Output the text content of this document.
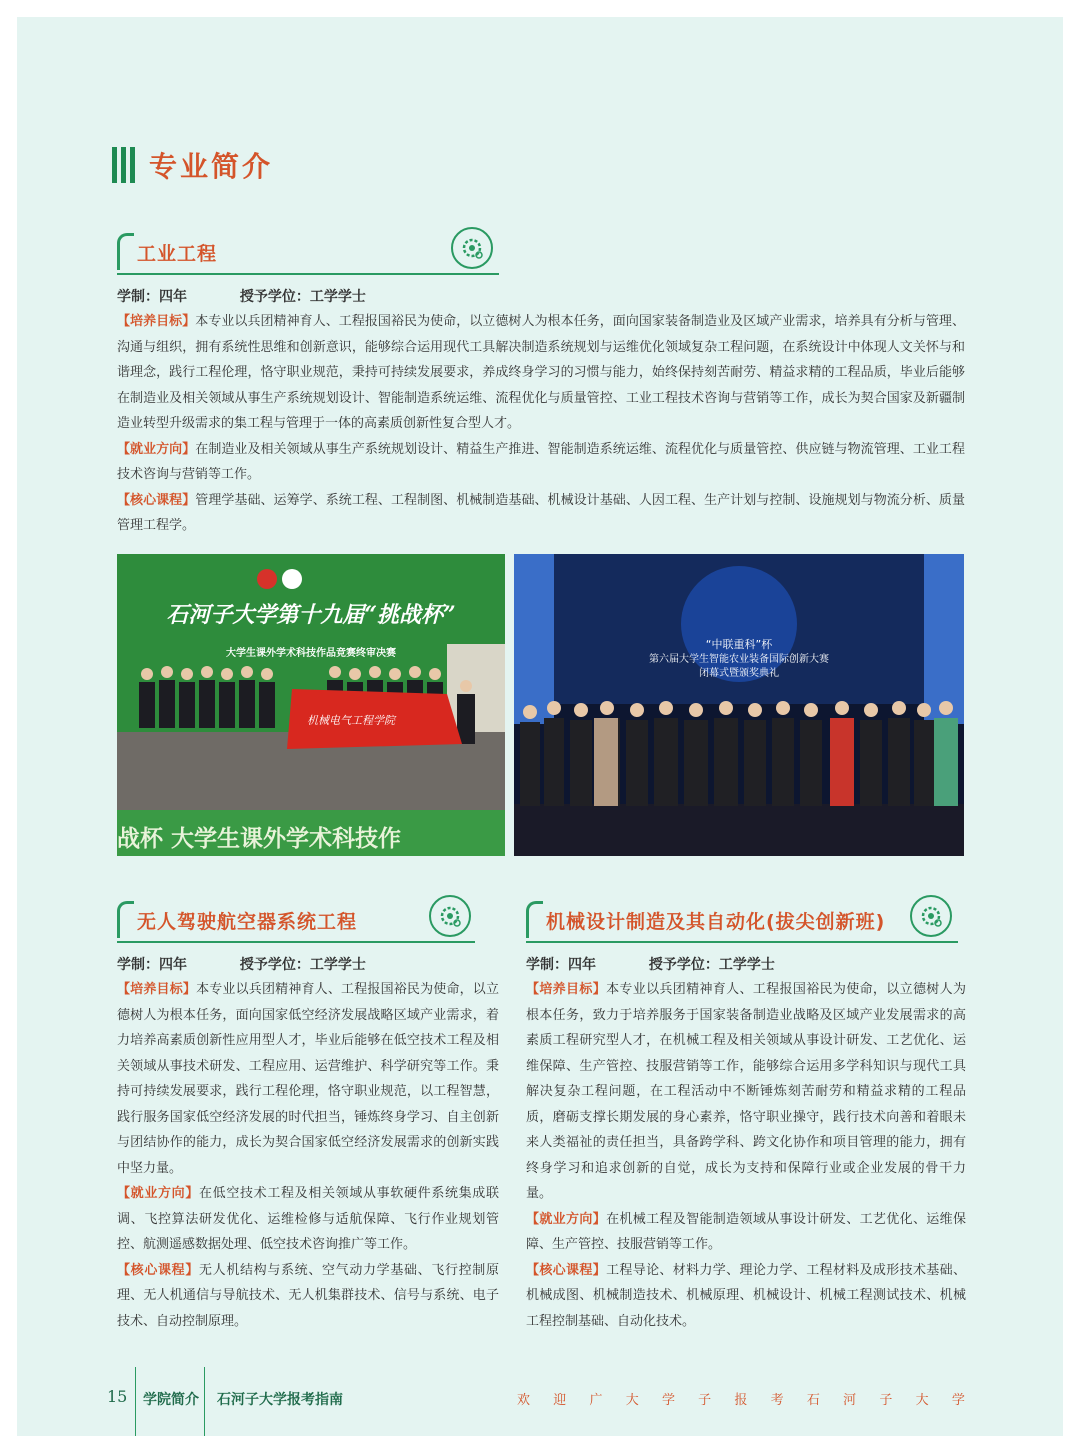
专业简介
工业工程
学制：四年	授予学位：工学学士

【培养目标】本专业以兵团精神育人、工程报国裕民为使命，以立德树人为根本任务，面向国家装备制造业及区域产业需求，培养具有分析与管理、沟通与组织，拥有系统性思维和创新意识，能够综合运用现代工具解决制造系统规划与运维优化领域复杂工程问题，在系统设计中体现人文关怀与和谐理念，践行工程伦理，恪守职业规范，秉持可持续发展要求，养成终身学习的习惯与能力，始终保持刻苦耐劳、精益求精的工程品质，毕业后能够在制造业及相关领域从事生产系统规划设计、智能制造系统运维、流程优化与质量管控、工业工程技术咨询与营销等工作，成长为契合国家及新疆制造业转型升级需求的集工程与管理于一体的高素质创新性复合型人才。

【就业方向】在制造业及相关领域从事生产系统规划设计、精益生产推进、智能制造系统运维、流程优化与质量管控、供应链与物流管理、工业工程技术咨询与营销等工作。

【核心课程】管理学基础、运筹学、系统工程、工程制图、机械制造基础、机械设计基础、人因工程、生产计划与控制、设施规划与物流分析、质量管理工程学。

石河子大学第十九届“挑战杯”
大学生课外学术科技作品竞赛终审决赛
机械电气工程学院
战杯 大学生课外学术科技作
“中联重科”杯
第六届大学生智能农业装备国际创新大赛
闭幕式暨颁奖典礼
无人驾驶航空器系统工程
学制：四年	授予学位：工学学士

【培养目标】本专业以兵团精神育人、工程报国裕民为使命，以立德树人为根本任务，面向国家低空经济发展战略区域产业需求，着力培养高素质创新性应用型人才，毕业后能够在低空技术工程及相关领域从事技术研发、工程应用、运营维护、科学研究等工作。秉持可持续发展要求，践行工程伦理，恪守职业规范，以工程智慧，践行服务国家低空经济发展的时代担当，锤炼终身学习、自主创新与团结协作的能力，成长为契合国家低空经济发展需求的创新实践中坚力量。

【就业方向】在低空技术工程及相关领域从事软硬件系统集成联调、飞控算法研发优化、运维检修与适航保障、飞行作业规划管控、航测遥感数据处理、低空技术咨询推广等工作。

【核心课程】无人机结构与系统、空气动力学基础、飞行控制原理、无人机通信与导航技术、无人机集群技术、信号与系统、电子技术、自动控制原理。

机械设计制造及其自动化(拔尖创新班)
学制：四年	授予学位：工学学士

【培养目标】本专业以兵团精神育人、工程报国裕民为使命，以立德树人为根本任务，致力于培养服务于国家装备制造业战略及区域产业发展需求的高素质工程研究型人才，在机械工程及相关领域从事设计研发、工艺优化、运维保障、生产管控、技服营销等工作，能够综合运用多学科知识与现代工具解决复杂工程问题，在工程活动中不断锤炼刻苦耐劳和精益求精的工程品质，磨砺支撑长期发展的身心素养，恪守职业操守，践行技术向善和着眼未来人类福祉的责任担当，具备跨学科、跨文化协作和项目管理的能力，拥有终身学习和追求创新的自觉，成长为支持和保障行业或企业发展的骨干力量。

【就业方向】在机械工程及智能制造领域从事设计研发、工艺优化、运维保障、生产管控、技服营销等工作。

【核心课程】工程导论、材料力学、理论力学、工程材料及成形技术基础、机械成图、机械制造技术、机械原理、机械设计、机械工程测试技术、机械工程控制基础、自动化技术。

15 学院简介 石河子大学报考指南	欢 迎 广 大 学 子 报 考 石 河 子 大 学
